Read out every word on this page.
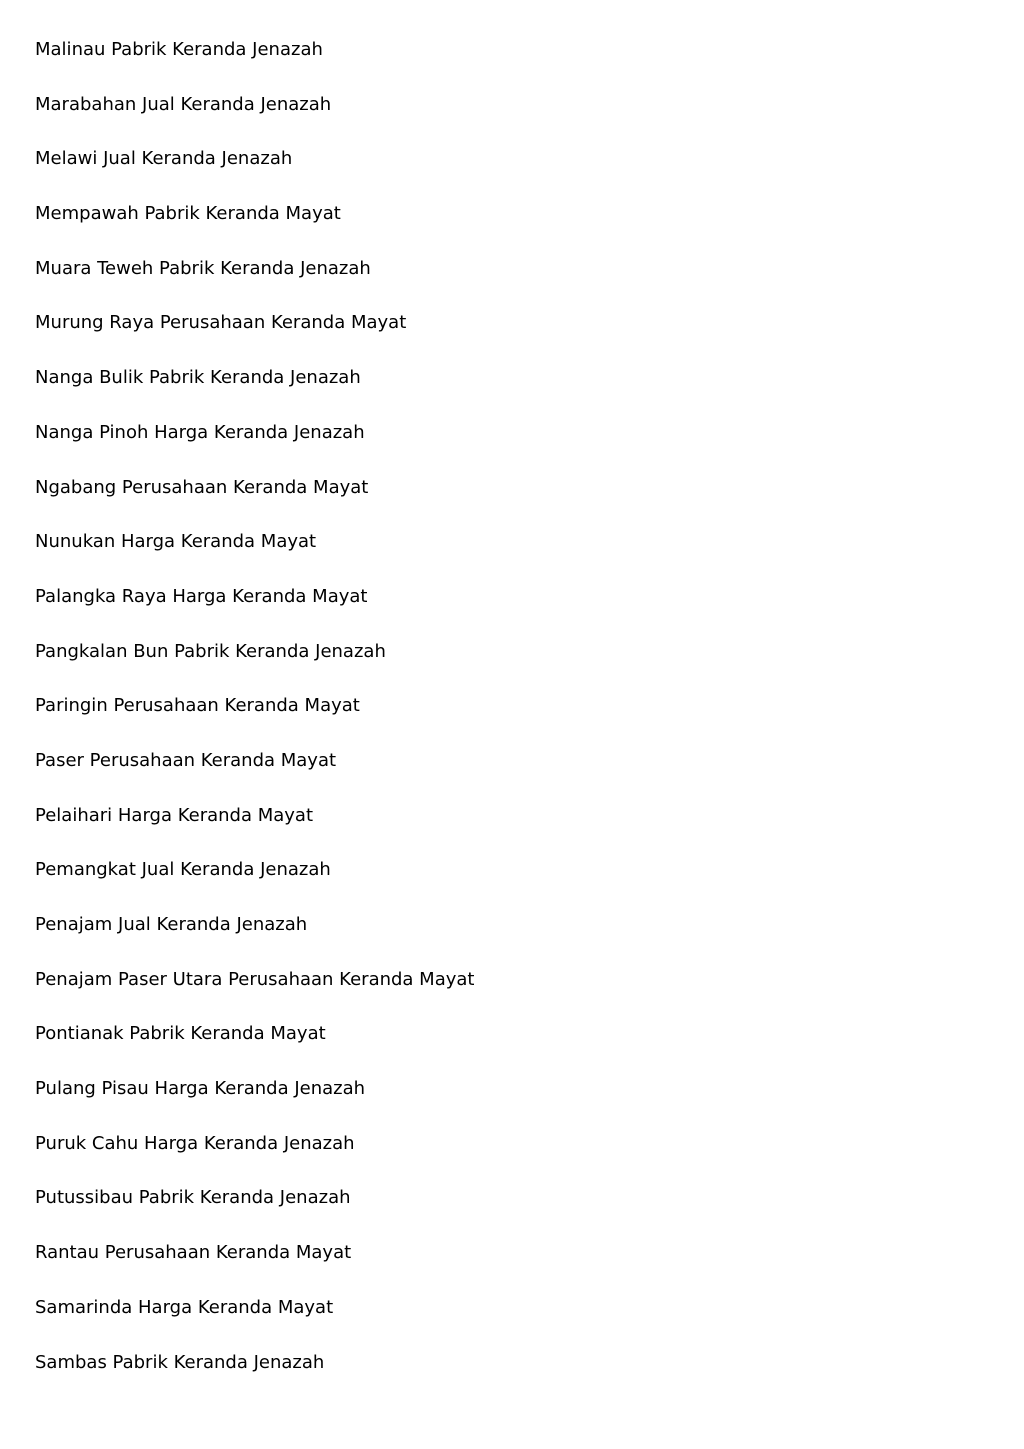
Malinau Pabrik Keranda Jenazah
Marabahan Jual Keranda Jenazah
Melawi Jual Keranda Jenazah
Mempawah Pabrik Keranda Mayat
Muara Teweh Pabrik Keranda Jenazah
Murung Raya Perusahaan Keranda Mayat
Nanga Bulik Pabrik Keranda Jenazah
Nanga Pinoh Harga Keranda Jenazah
Ngabang Perusahaan Keranda Mayat
Nunukan Harga Keranda Mayat
Palangka Raya Harga Keranda Mayat
Pangkalan Bun Pabrik Keranda Jenazah
Paringin Perusahaan Keranda Mayat
Paser Perusahaan Keranda Mayat
Pelaihari Harga Keranda Mayat
Pemangkat Jual Keranda Jenazah
Penajam Jual Keranda Jenazah
Penajam Paser Utara Perusahaan Keranda Mayat
Pontianak Pabrik Keranda Mayat
Pulang Pisau Harga Keranda Jenazah
Puruk Cahu Harga Keranda Jenazah
Putussibau Pabrik Keranda Jenazah
Rantau Perusahaan Keranda Mayat
Samarinda Harga Keranda Mayat
Sambas Pabrik Keranda Jenazah
